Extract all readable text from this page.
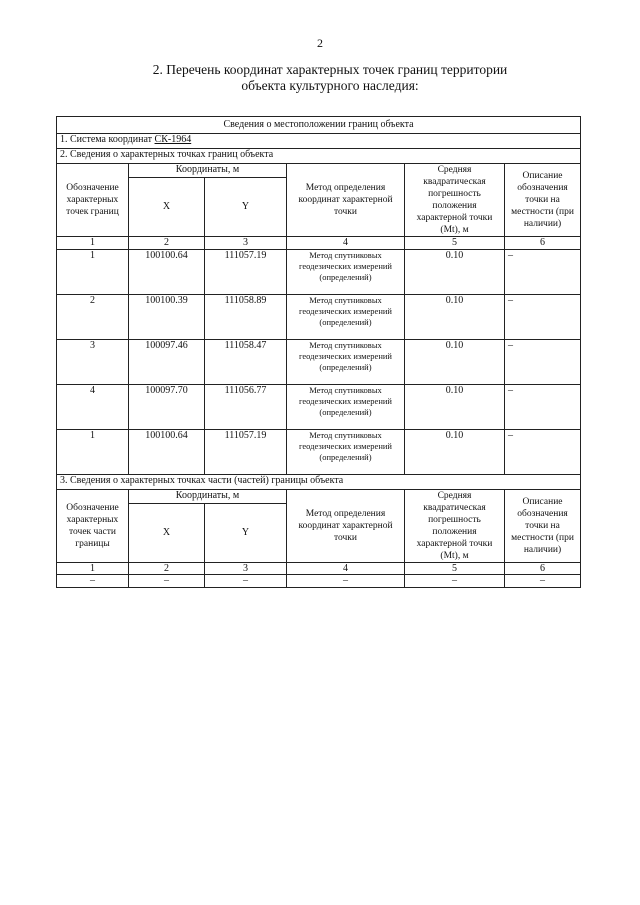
2
2. Перечень координат характерных точек границ территории
объекта культурного наследия:
Сведения о местоположении границ объекта					
1. Система координат СК-1964					
2. Сведения о характерных точках границ объекта					
Обозначение характерных точек границ	Координаты, м		Метод определения координат характерной точки	Средняя квадратическая погрешность положения характерной точки (Mt), м	Описание обозначения точки на местности (при наличии)
	X	Y			
1	2	3	4	5	6
1	100100.64	111057.19	Метод спутниковых геодезических измерений (определений)	0.10	–
2	100100.39	111058.89	Метод спутниковых геодезических измерений (определений)	0.10	–
3	100097.46	111058.47	Метод спутниковых геодезических измерений (определений)	0.10	–
4	100097.70	111056.77	Метод спутниковых геодезических измерений (определений)	0.10	–
1	100100.64	111057.19	Метод спутниковых геодезических измерений (определений)	0.10	–
3. Сведения о характерных точках части (частей) границы объекта					
Обозначение характерных точек части границы	Координаты, м		Метод определения координат характерной точки	Средняя квадратическая погрешность положения характерной точки (Mt), м	Описание обозначения точки на местности (при наличии)
	X	Y			
1	2	3	4	5	6
–	–	–	–	–	–
